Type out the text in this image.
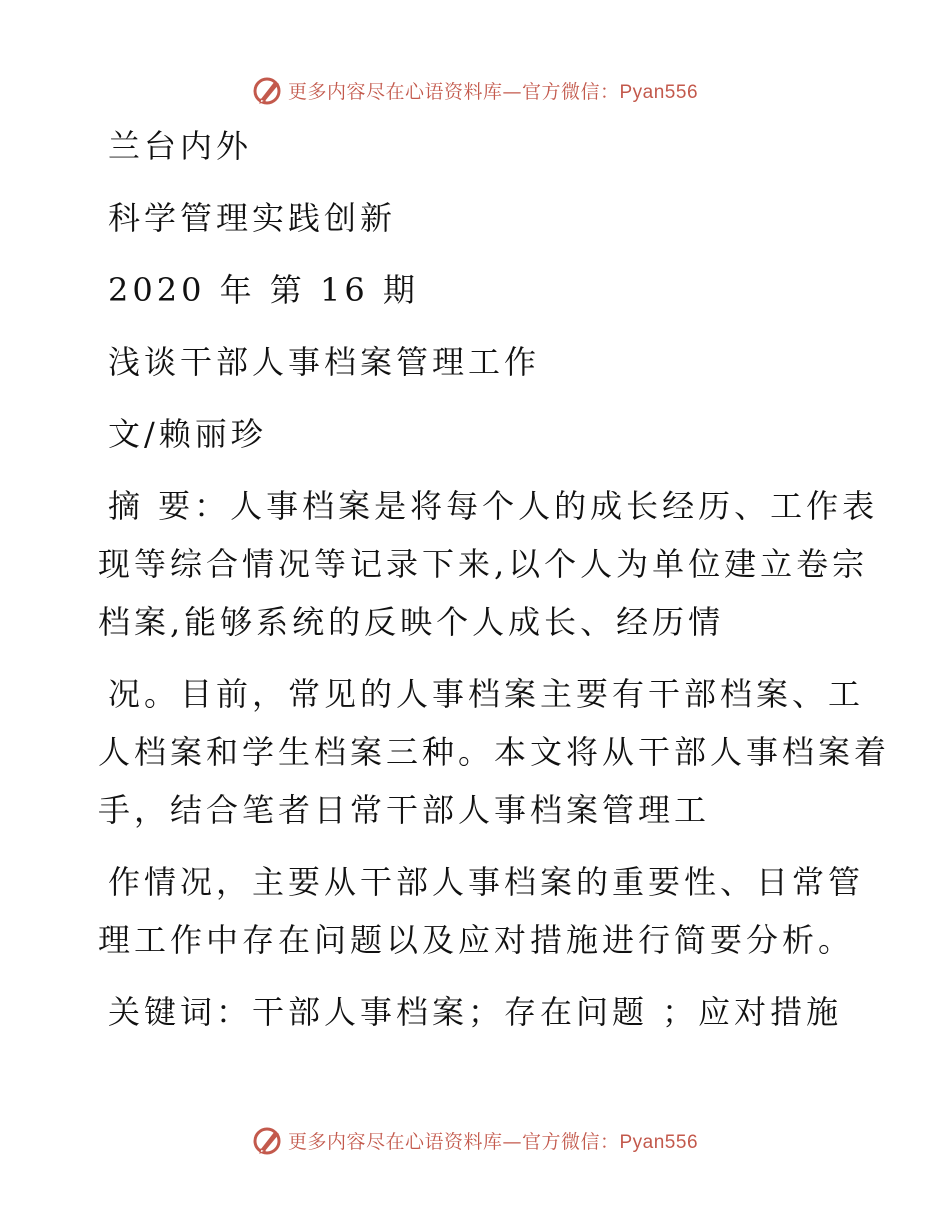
更多内容尽在心语资料库—官方微信：Pyan556

兰台内外

科学管理实践创新

2020 年 第 16 期

浅谈干部人事档案管理工作

文/赖丽珍

摘 要：人事档案是将每个人的成长经历、工作表

现等综合情况等记录下来,以个人为单位建立卷宗

档案,能够系统的反映个人成长、经历情

况。目前，常见的人事档案主要有干部档案、工

人档案和学生档案三种。本文将从干部人事档案着

手，结合笔者日常干部人事档案管理工

作情况，主要从干部人事档案的重要性、日常管

理工作中存在问题以及应对措施进行简要分析。

关键词：干部人事档案；存在问题 ；应对措施

更多内容尽在心语资料库—官方微信：Pyan556
